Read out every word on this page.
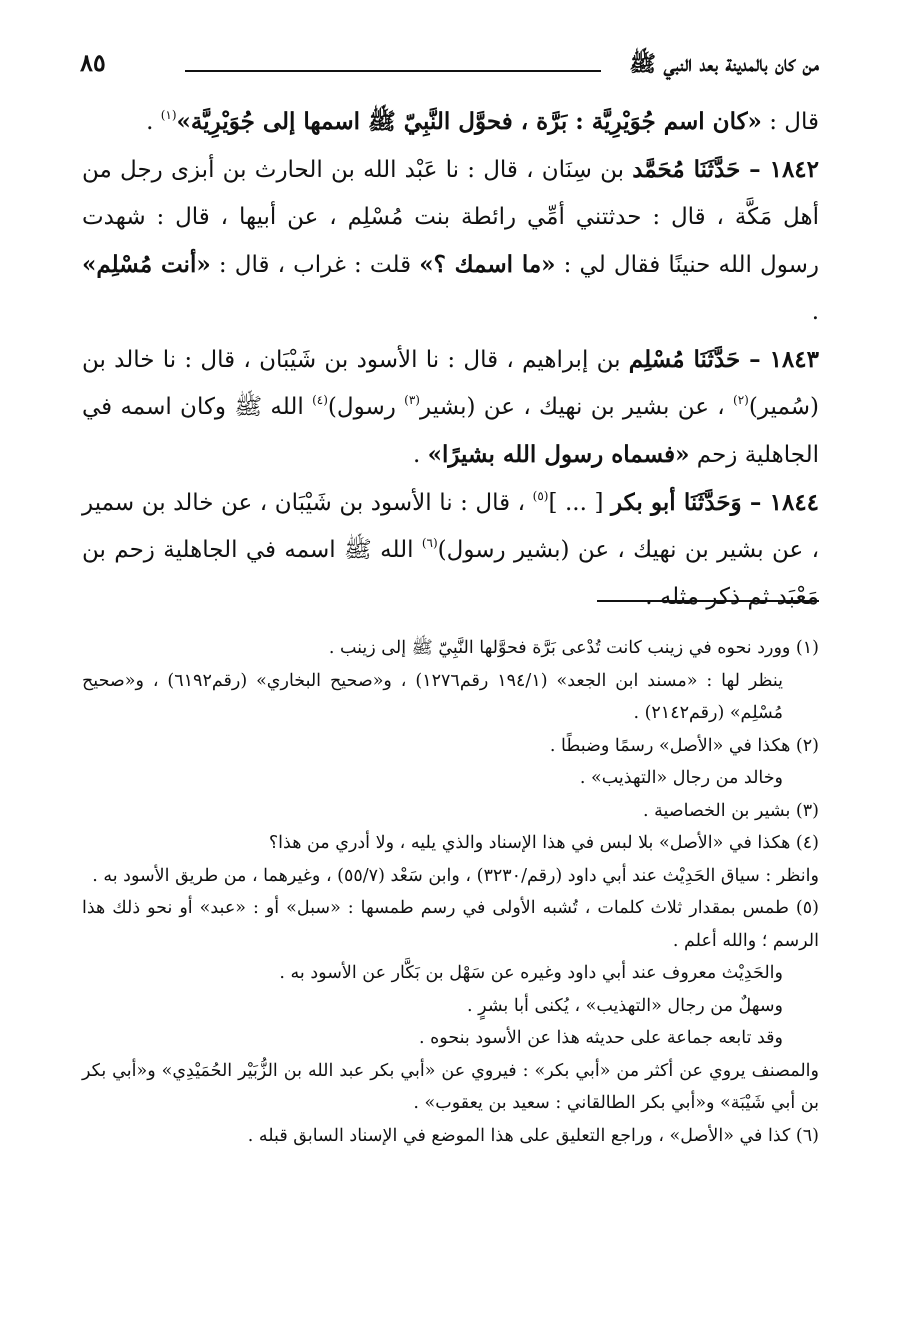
من كان بالمدينة بعد النبي ﷺ
٨٥

قال : «كان اسم جُوَيْرِيَّة : بَرَّة ، فحوَّل النَّبِيّ ﷺ اسمها إلى جُوَيْرِيَّة»$^{(١)}$ .

١٨٤٢ – حَدَّثَنَا مُحَمَّد بن سِنَان ، قال : نا عَبْد الله بن الحارث بن أبزى رجل من أهل مَكَّة ، قال : حدثتني أمِّي رائطة بنت مُسْلِم ، عن أبيها ، قال : شهدت رسول الله حنينًا فقال لي : «ما اسمك ؟» قلت : غراب ، قال : «أنت مُسْلِم» .

١٨٤٣ – حَدَّثَنَا مُسْلِم بن إبراهيم ، قال : نا الأسود بن شَيْبَان ، قال : نا خالد بن (سُمير)$^{(٢)}$ ، عن بشير بن نهيك ، عن (بشير$^{(٣)}$ رسول)$^{(٤)}$ الله ﷺ وكان اسمه في الجاهلية زحم «فسماه رسول الله بشيرًا» .

١٨٤٤ – وَحَدَّثَنَا أبو بكر [ ... ]$^{(٥)}$ ، قال : نا الأسود بن شَيْبَان ، عن خالد بن سمير ، عن بشير بن نهيك ، عن (بشير رسول)$^{(٦)}$ الله ﷺ اسمه في الجاهلية زحم بن مَعْبَد ثم ذكر مثله .

(١) وورد نحوه في زينب كانت تُدْعى بَرَّة فحوَّلها النَّبِيّ ﷺ إلى زينب .

ينظر لها : «مسند ابن الجعد» (١٩٤/١ رقم١٢٧٦) ، و«صحيح البخاري» (رقم٦١٩٢) ، و«صحيح مُسْلِم» (رقم٢١٤٢) .

(٢) هكذا في «الأصل» رسمًا وضبطًا .

وخالد من رجال «التهذيب» .

(٣) بشير بن الخصاصية .

(٤) هكذا في «الأصل» بلا لبس في هذا الإسناد والذي يليه ، ولا أدري من هذا؟

وانظر : سياق الحَدِيْث عند أبي داود (رقم/٣٢٣٠) ، وابن سَعْد (٥٥/٧) ، وغيرهما ، من طريق الأسود به .

(٥) طمس بمقدار ثلاث كلمات ، تُشبه الأولى في رسم طمسها : «سبل» أو : «عبد» أو نحو ذلك هذا الرسم ؛ والله أعلم .

والحَدِيْث معروف عند أبي داود وغيره عن سَهْل بن بَكَّار عن الأسود به .

وسهلٌ من رجال «التهذيب» ، يُكنى أبا بشرٍ .

وقد تابعه جماعة على حديثه هذا عن الأسود بنحوه .

والمصنف يروي عن أكثر من «أبي بكر» : فيروي عن «أبي بكر عبد الله بن الزُّبَيْر الحُمَيْدِي» و«أبي بكر بن أبي شَيْبَة» و«أبي بكر الطالقاني : سعيد بن يعقوب» .

(٦) كذا في «الأصل» ، وراجع التعليق على هذا الموضع في الإسناد السابق قبله .
